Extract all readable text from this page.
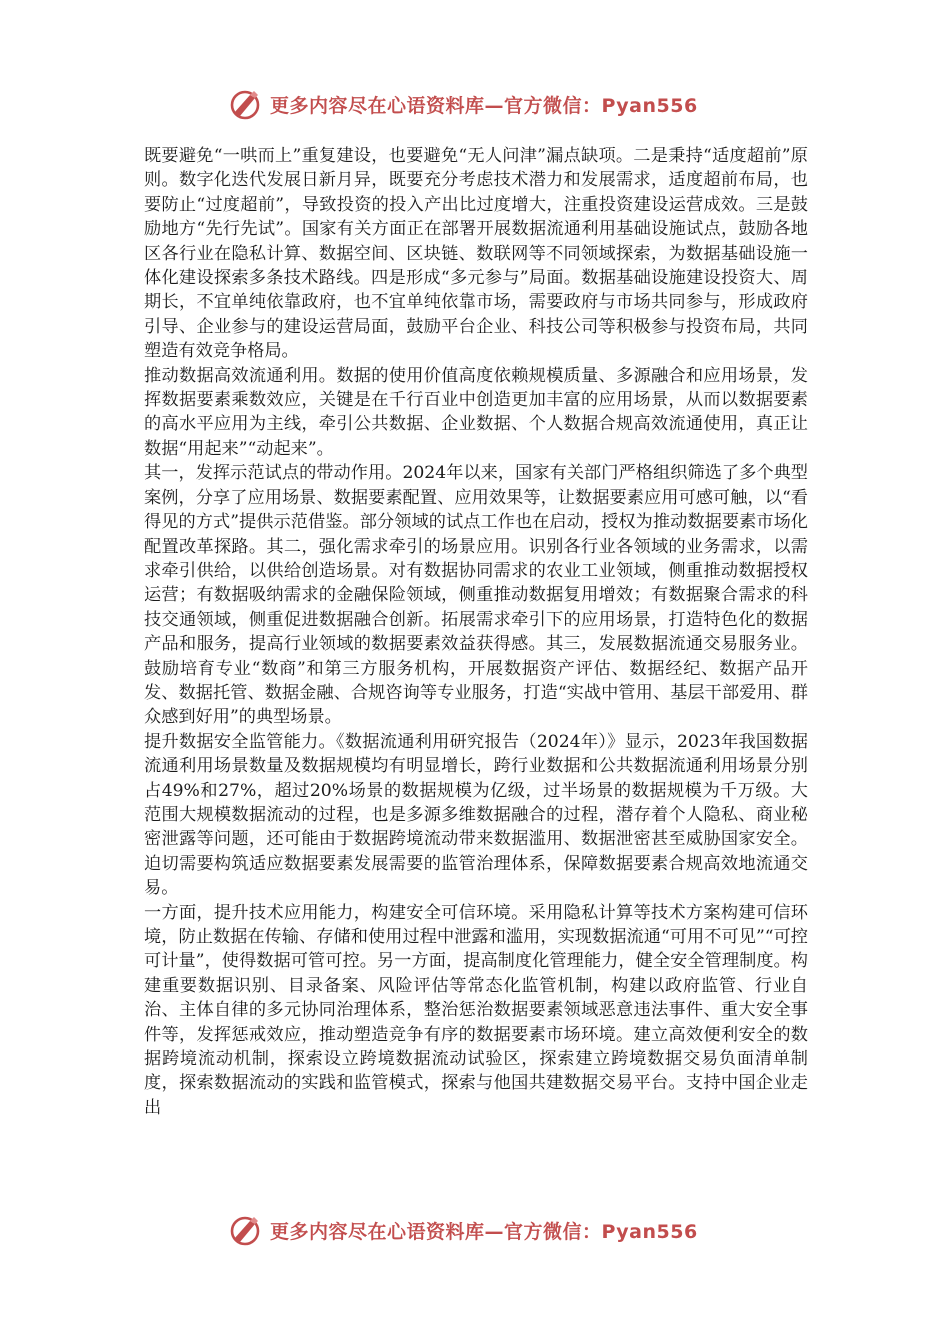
更多内容尽在心语资料库—官方微信：Pyan556

既要避免“一哄而上”重复建设，也要避免“无人问津”漏点缺项。二是秉持“适度超前”原则。数字化迭代发展日新月异，既要充分考虑技术潜力和发展需求，适度超前布局，也要防止“过度超前”，导致投资的投入产出比过度增大，注重投资建设运营成效。三是鼓励地方“先行先试”。国家有关方面正在部署开展数据流通利用基础设施试点，鼓励各地区各行业在隐私计算、数据空间、区块链、数联网等不同领域探索，为数据基础设施一体化建设探索多条技术路线。四是形成“多元参与”局面。数据基础设施建设投资大、周期长，不宜单纯依靠政府，也不宜单纯依靠市场，需要政府与市场共同参与，形成政府引导、企业参与的建设运营局面，鼓励平台企业、科技公司等积极参与投资布局，共同塑造有效竞争格局。

推动数据高效流通利用。数据的使用价值高度依赖规模质量、多源融合和应用场景，发挥数据要素乘数效应，关键是在千行百业中创造更加丰富的应用场景，从而以数据要素的高水平应用为主线，牵引公共数据、企业数据、个人数据合规高效流通使用，真正让数据“用起来”“动起来”。

其一，发挥示范试点的带动作用。2024年以来，国家有关部门严格组织筛选了多个典型案例，分享了应用场景、数据要素配置、应用效果等，让数据要素应用可感可触，以“看得见的方式”提供示范借鉴。部分领域的试点工作也在启动，授权为推动数据要素市场化配置改革探路。其二，强化需求牵引的场景应用。识别各行业各领域的业务需求，以需求牵引供给，以供给创造场景。对有数据协同需求的农业工业领域，侧重推动数据授权运营；有数据吸纳需求的金融保险领域，侧重推动数据复用增效；有数据聚合需求的科技交通领域，侧重促进数据融合创新。拓展需求牵引下的应用场景，打造特色化的数据产品和服务，提高行业领域的数据要素效益获得感。其三，发展数据流通交易服务业。鼓励培育专业“数商”和第三方服务机构，开展数据资产评估、数据经纪、数据产品开发、数据托管、数据金融、合规咨询等专业服务，打造“实战中管用、基层干部爱用、群众感到好用”的典型场景。

提升数据安全监管能力。《数据流通利用研究报告（2024年）》显示，2023年我国数据流通利用场景数量及数据规模均有明显增长，跨行业数据和公共数据流通利用场景分别占49%和27%，超过20%场景的数据规模为亿级，过半场景的数据规模为千万级。大范围大规模数据流动的过程，也是多源多维数据融合的过程，潜存着个人隐私、商业秘密泄露等问题，还可能由于数据跨境流动带来数据滥用、数据泄密甚至威胁国家安全。迫切需要构筑适应数据要素发展需要的监管治理体系，保障数据要素合规高效地流通交易。

一方面，提升技术应用能力，构建安全可信环境。采用隐私计算等技术方案构建可信环境，防止数据在传输、存储和使用过程中泄露和滥用，实现数据流通“可用不可见”“可控可计量”，使得数据可管可控。另一方面，提高制度化管理能力，健全安全管理制度。构建重要数据识别、目录备案、风险评估等常态化监管机制，构建以政府监管、行业自治、主体自律的多元协同治理体系，整治惩治数据要素领域恶意违法事件、重大安全事件等，发挥惩戒效应，推动塑造竞争有序的数据要素市场环境。建立高效便利安全的数据跨境流动机制，探索设立跨境数据流动试验区，探索建立跨境数据交易负面清单制度，探索数据流动的实践和监管模式，探索与他国共建数据交易平台。支持中国企业走出

更多内容尽在心语资料库—官方微信：Pyan556
